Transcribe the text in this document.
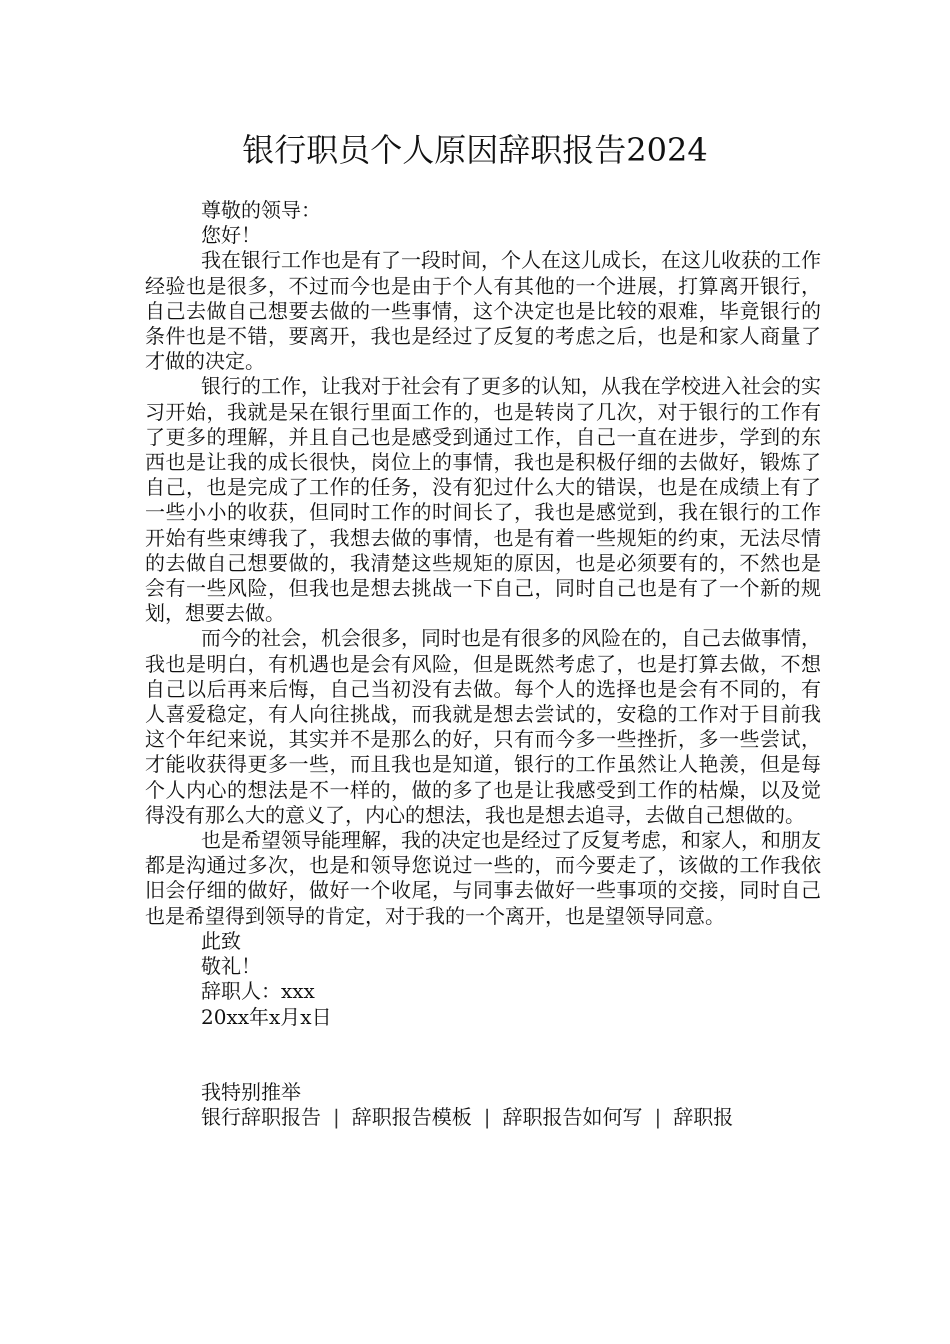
银行职员个人原因辞职报告2024
尊敬的领导：
您好！

我在银行工作也是有了一段时间，个人在这儿成长，在这儿收获的工作经验也是很多，不过而今也是由于个人有其他的一个进展，打算离开银行，自己去做自己想要去做的一些事情，这个决定也是比较的艰难，毕竟银行的条件也是不错，要离开，我也是经过了反复的考虑之后，也是和家人商量了才做的决定。

银行的工作，让我对于社会有了更多的认知，从我在学校进入社会的实习开始，我就是呆在银行里面工作的，也是转岗了几次，对于银行的工作有了更多的理解，并且自己也是感受到通过工作，自己一直在进步，学到的东西也是让我的成长很快，岗位上的事情，我也是积极仔细的去做好，锻炼了自己，也是完成了工作的任务，没有犯过什么大的错误，也是在成绩上有了一些小小的收获，但同时工作的时间长了，我也是感觉到，我在银行的工作开始有些束缚我了，我想去做的事情，也是有着一些规矩的约束，无法尽情的去做自己想要做的，我清楚这些规矩的原因，也是必须要有的，不然也是会有一些风险，但我也是想去挑战一下自己，同时自己也是有了一个新的规划，想要去做。

而今的社会，机会很多，同时也是有很多的风险在的，自己去做事情，我也是明白，有机遇也是会有风险，但是既然考虑了，也是打算去做，不想自己以后再来后悔，自己当初没有去做。每个人的选择也是会有不同的，有人喜爱稳定，有人向往挑战，而我就是想去尝试的，安稳的工作对于目前我这个年纪来说，其实并不是那么的好，只有而今多一些挫折，多一些尝试，才能收获得更多一些，而且我也是知道，银行的工作虽然让人艳羡，但是每个人内心的想法是不一样的，做的多了也是让我感受到工作的枯燥，以及觉得没有那么大的意义了，内心的想法，我也是想去追寻，去做自己想做的。

也是希望领导能理解，我的决定也是经过了反复考虑，和家人，和朋友都是沟通过多次，也是和领导您说过一些的，而今要走了，该做的工作我依旧会仔细的做好，做好一个收尾，与同事去做好一些事项的交接，同时自己也是希望得到领导的肯定，对于我的一个离开，也是望领导同意。

此致
敬礼！
辞职人：xxx
20xx年x月x日
我特别推举
银行辞职报告 | 辞职报告模板 | 辞职报告如何写 | 辞职报
